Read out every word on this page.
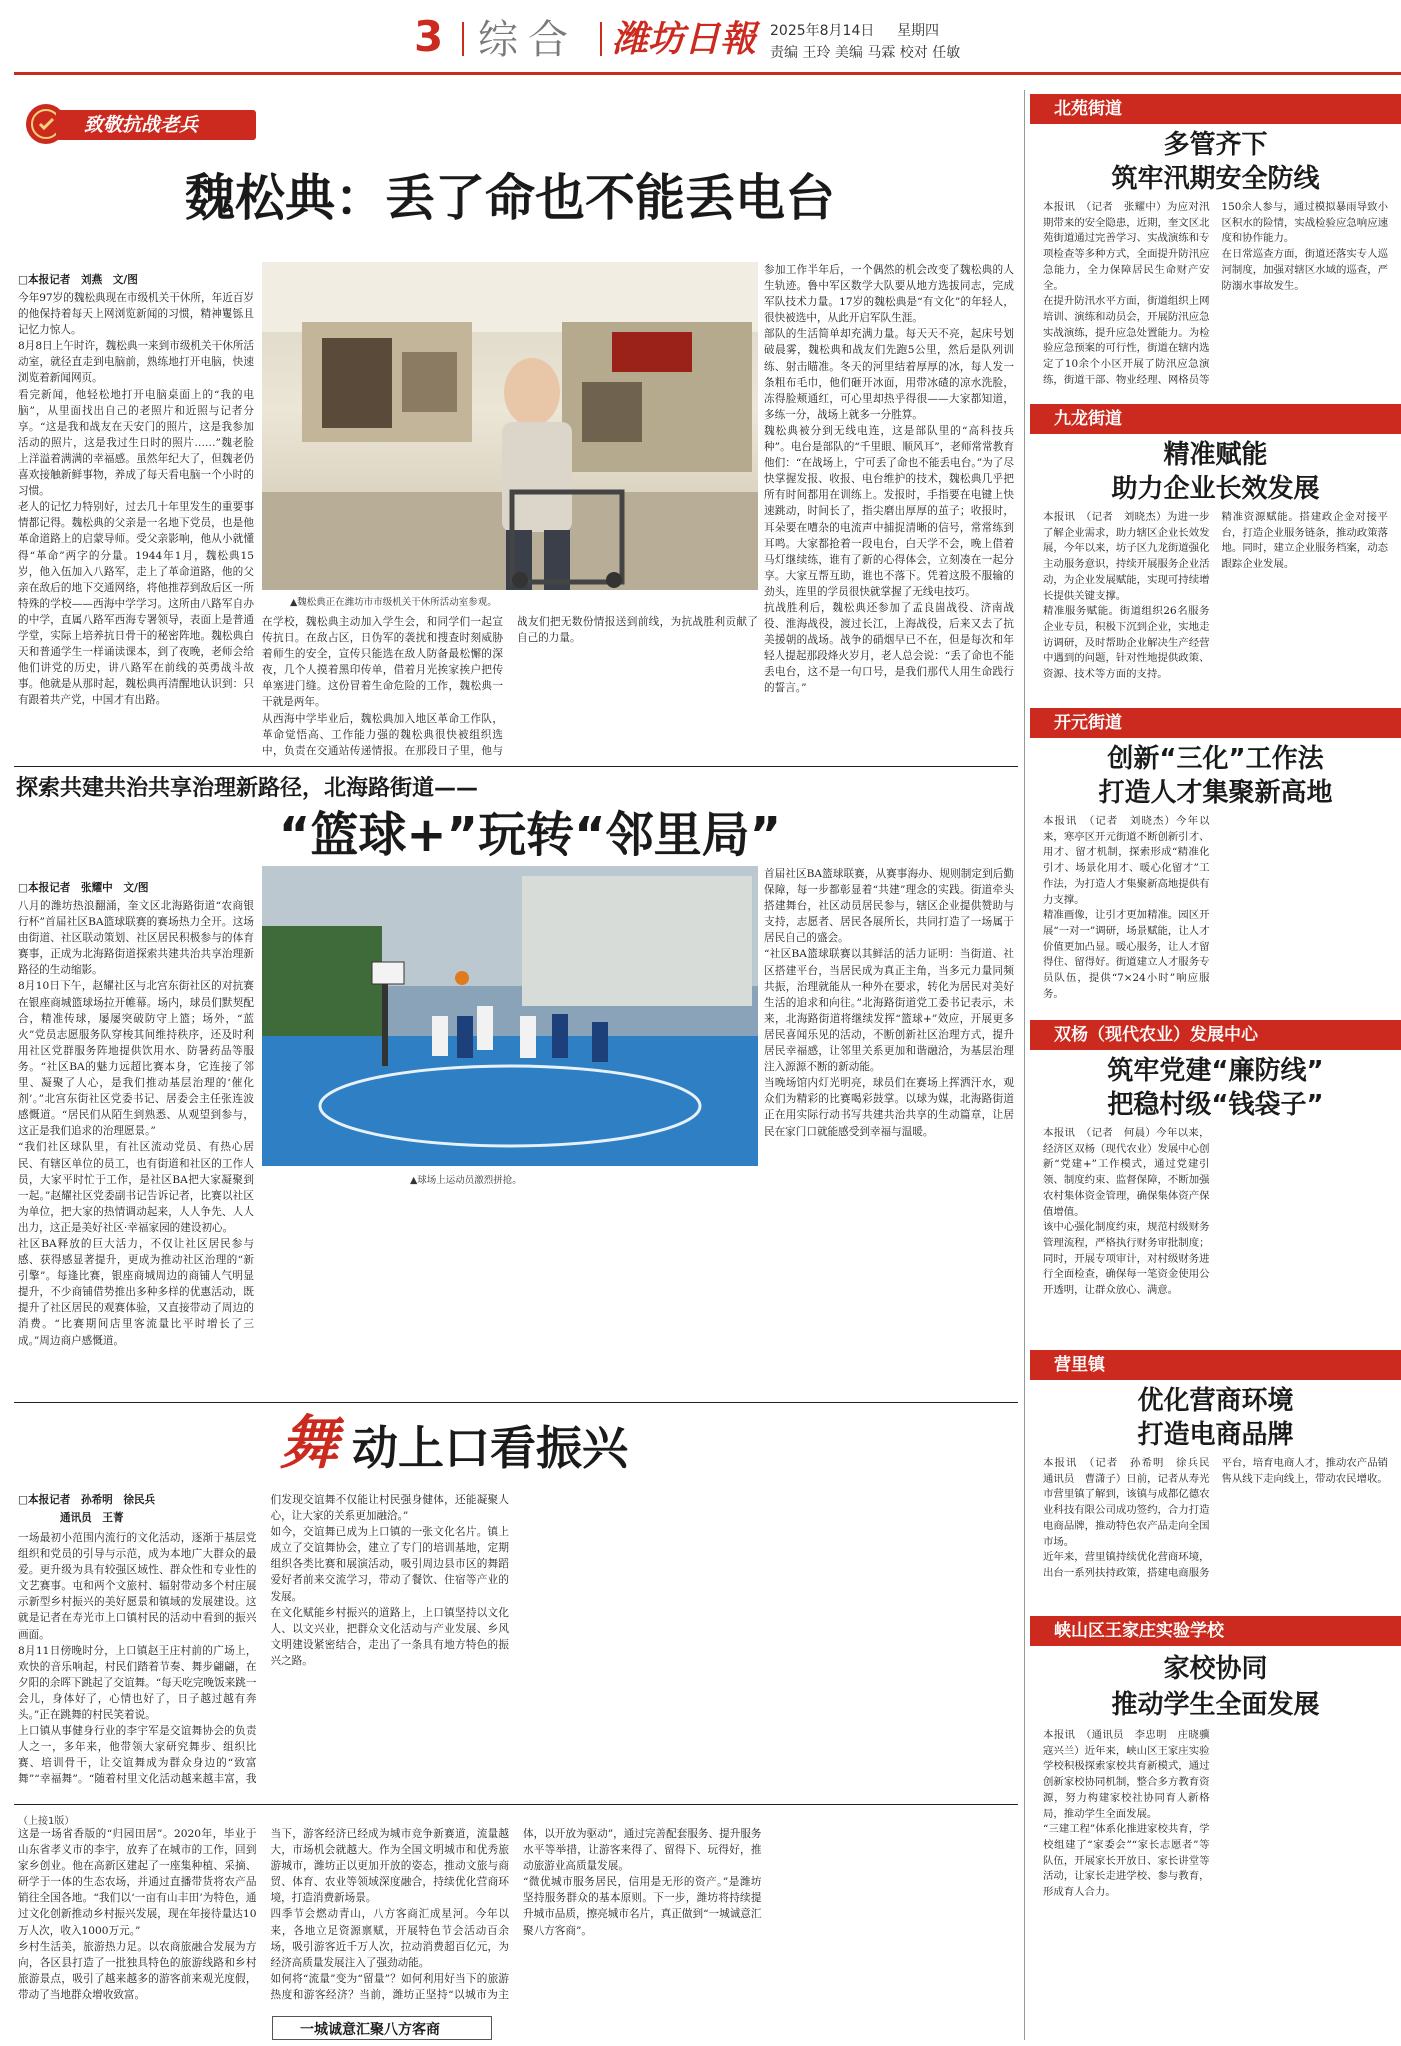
3 综合 潍坊日報 2025年8月14日 星期四
责编 王玲 美编 马霖 校对 任敏
致敬抗战老兵
魏松典：丢了命也不能丢电台
□本报记者　刘燕　文/图
▲魏松典正在潍坊市市级机关干休所活动室参观。

今年97岁的魏松典现在市级机关干休所，年近百岁的他保持着每天上网浏览新闻的习惯，精神矍铄且记忆力惊人。

8月8日上午时许，魏松典一来到市级机关干休所活动室，就径直走到电脑前，熟练地打开电脑，快速浏览着新闻网页。

看完新闻，他轻松地打开电脑桌面上的“我的电脑”，从里面找出自己的老照片和近照与记者分享。“这是我和战友在天安门的照片，这是我参加活动的照片，这是我过生日时的照片……”魏老脸上洋溢着满满的幸福感。虽然年纪大了，但魏老仍喜欢接触新鲜事物，养成了每天看电脑一个小时的习惯。

老人的记忆力特别好，过去几十年里发生的重要事情都记得。魏松典的父亲是一名地下党员，也是他革命道路上的启蒙导师。受父亲影响，他从小就懂得“革命”两字的分量。1944年1月，魏松典15岁，他入伍加入八路军，走上了革命道路，他的父亲在敌后的地下交通网络，将他推荐到敌后区一所特殊的学校——西海中学学习。这所由八路军自办的中学，直属八路军西海专署领导，表面上是普通学堂，实际上培养抗日骨干的秘密阵地。魏松典白天和普通学生一样诵读课本，到了夜晚，老师会给他们讲党的历史，讲八路军在前线的英勇战斗故事。他就是从那时起，魏松典再清醒地认识到：只有跟着共产党，中国才有出路。

在学校，魏松典主动加入学生会，和同学们一起宣传抗日。在敌占区，日伪军的袭扰和搜查时刻威胁着师生的安全，宣传只能选在敌人防备最松懈的深夜，几个人摸着黑印传单，借着月光挨家挨户把传单塞进门缝。这份冒着生命危险的工作，魏松典一干就是两年。

从西海中学毕业后，魏松典加入地区革命工作队，革命觉悟高、工作能力强的魏松典很快被组织选中，负责在交通站传递情报。在那段日子里，他与战友们把无数份情报送到前线，为抗战胜利贡献了自己的力量。

参加工作半年后，一个偶然的机会改变了魏松典的人生轨迹。鲁中军区数学大队要从地方选拔同志，完成军队技术力量。17岁的魏松典是“有文化”的年轻人，很快被选中，从此开启军队生涯。

部队的生活简单却充满力量。每天天不亮，起床号划破晨雾，魏松典和战友们先跑5公里，然后是队列训练、射击瞄准。冬天的河里结着厚厚的冰，每人发一条粗布毛巾，他们砸开冰面，用带冰碴的凉水洗脸，冻得脸颊通红，可心里却热乎得很——大家都知道，多练一分，战场上就多一分胜算。

魏松典被分到无线电连，这是部队里的“高科技兵种”。电台是部队的“千里眼、顺风耳”，老师常常教育他们：“在战场上，宁可丢了命也不能丢电台。”为了尽快掌握发报、收报、电台维护的技术，魏松典几乎把所有时间都用在训练上。发报时，手指要在电键上快速跳动，时间长了，指尖磨出厚厚的茧子；收报时，耳朵要在嘈杂的电流声中捕捉清晰的信号，常常练到耳鸣。大家都抢着一段电台，白天学不会，晚上借着马灯继续练，谁有了新的心得体会，立刻凑在一起分享。大家互帮互助，谁也不落下。凭着这股不服输的劲头，连里的学员很快就掌握了无线电技巧。

抗战胜利后，魏松典还参加了孟良崮战役、济南战役、淮海战役，渡过长江，上海战役，后来又去了抗美援朝的战场。战争的硝烟早已不在，但是每次和年轻人提起那段烽火岁月，老人总会说：“丢了命也不能丢电台，这不是一句口号，是我们那代人用生命践行的誓言。”

探索共建共治共享治理新路径，北海路街道——
“篮球+”玩转“邻里局”
□本报记者　张耀中　文/图
▲球场上运动员激烈拼抢。

八月的潍坊热浪翻涌，奎文区北海路街道“农商银行杯”首届社区BA篮球联赛的赛场热力全开。这场由街道、社区联动策划、社区居民积极参与的体育赛事，正成为北海路街道探索共建共治共享治理新路径的生动缩影。

8月10日下午，赵耀社区与北宫东街社区的对抗赛在银座商城篮球场拉开帷幕。场内，球员们默契配合，精准传球，屡屡突破防守上篮；场外，“蓝火”党员志愿服务队穿梭其间维持秩序，还及时利用社区党群服务阵地提供饮用水、防暑药品等服务。“社区BA的魅力远超比赛本身，它连接了邻里、凝聚了人心，是我们推动基层治理的‘催化剂’。”北宫东街社区党委书记、居委会主任张连波感慨道。“居民们从陌生到熟悉、从观望到参与，这正是我们追求的治理愿景。”

“我们社区球队里，有社区流动党员、有热心居民、有辖区单位的员工，也有街道和社区的工作人员，大家平时忙于工作，是社区BA把大家凝聚到一起。”赵耀社区党委副书记告诉记者，比赛以社区为单位，把大家的热情调动起来，人人争先、人人出力，这正是美好社区·幸福家园的建设初心。

社区BA释放的巨大活力，不仅让社区居民参与感、获得感显著提升，更成为推动社区治理的“新引擎”。每逢比赛，银座商城周边的商铺人气明显提升，不少商铺借势推出多种多样的优惠活动，既提升了社区居民的观赛体验，又直接带动了周边的消费。“比赛期间店里客流量比平时增长了三成。”周边商户感慨道。

首届社区BA篮球联赛，从赛事海办、规则制定到后勤保障，每一步都彰显着“共建”理念的实践。街道牵头搭建舞台，社区动员居民参与，辖区企业提供赞助与支持，志愿者、居民各展所长，共同打造了一场属于居民自己的盛会。

“社区BA篮球联赛以其鲜活的活力证明：当街道、社区搭建平台，当居民成为真正主角，当多元力量同频共振，治理就能从一种外在要求，转化为居民对美好生活的追求和向往。”北海路街道党工委书记表示，未来，北海路街道将继续发挥“篮球+”效应，开展更多居民喜闻乐见的活动，不断创新社区治理方式，提升居民幸福感，让邻里关系更加和谐融洽，为基层治理注入源源不断的新动能。

当晚场馆内灯光明亮，球员们在赛场上挥洒汗水，观众们为精彩的比赛喝彩鼓掌。以球为媒，北海路街道正在用实际行动书写共建共治共享的生动篇章，让居民在家门口就能感受到幸福与温暖。

舞 动上口看振兴
□本报记者　孙希明　徐民兵
通讯员　王菁

一场最初小范围内流行的文化活动，逐渐于基层党组织和党员的引导与示范，成为本地广大群众的最爱。更升级为具有较强区域性、群众性和专业性的文艺赛事。屯和两个文旅村、辐射带动多个村庄展示新型乡村振兴的美好愿景和镇域的发展建设。这就是记者在寿光市上口镇村民的活动中看到的振兴画面。

8月11日傍晚时分，上口镇赵王庄村前的广场上，欢快的音乐响起，村民们踏着节奏、舞步翩翩，在夕阳的余晖下跳起了交谊舞。“每天吃完晚饭来跳一会儿，身体好了，心情也好了，日子越过越有奔头。”正在跳舞的村民笑着说。

上口镇从事健身行业的李宇军是交谊舞协会的负责人之一，多年来，他带领大家研究舞步、组织比赛、培训骨干，让交谊舞成为群众身边的“致富舞”“幸福舞”。“随着村里文化活动越来越丰富，我们发现交谊舞不仅能让村民强身健体，还能凝聚人心，让大家的关系更加融洽。”

如今，交谊舞已成为上口镇的一张文化名片。镇上成立了交谊舞协会，建立了专门的培训基地，定期组织各类比赛和展演活动，吸引周边县市区的舞蹈爱好者前来交流学习，带动了餐饮、住宿等产业的发展。

在文化赋能乡村振兴的道路上，上口镇坚持以文化人、以文兴业，把群众文化活动与产业发展、乡风文明建设紧密结合，走出了一条具有地方特色的振兴之路。

（上接1版）

这是一场省香版的“归园田居”。2020年，毕业于山东省孝义市的李宇，放弃了在城市的工作，回到家乡创业。他在高新区建起了一座集种植、采摘、研学于一体的生态农场，并通过直播带货将农产品销往全国各地。“我们以‘一亩有山丰田’为特色，通过文化创新推动乡村振兴发展，现在年接待量达10万人次，收入1000万元。”

乡村生活美，旅游热力足。以农商旅融合发展为方向，各区县打造了一批独具特色的旅游线路和乡村旅游景点，吸引了越来越多的游客前来观光度假，带动了当地群众增收致富。

当下，游客经济已经成为城市竞争新赛道，流量越大，市场机会就越大。作为全国文明城市和优秀旅游城市，潍坊正以更加开放的姿态，推动文旅与商贸、体育、农业等领域深度融合，持续优化营商环境，打造消费新场景。

四季节会燃动青山，八方客商汇成星河。今年以来，各地立足资源禀赋，开展特色节会活动百余场，吸引游客近千万人次，拉动消费超百亿元，为经济高质量发展注入了强劲动能。

如何将“流量”变为“留量”？如何利用好当下的旅游热度和游客经济？当前，潍坊正坚持“以城市为主体，以开放为驱动”，通过完善配套服务、提升服务水平等举措，让游客来得了、留得下、玩得好，推动旅游业高质量发展。

“微优城市服务居民，信用是无形的资产。”是潍坊坚持服务群众的基本原则。下一步，潍坊将持续提升城市品质，擦亮城市名片，真正做到“一城诚意汇聚八方客商”。

一城诚意汇聚八方客商
北苑街道
多管齐下
筑牢汛期安全防线

本报讯　（记者　张耀中）为应对汛期带来的安全隐患，近期，奎文区北苑街道通过完善学习、实战演练和专项检查等多种方式，全面提升防汛应急能力，全力保障居民生命财产安全。

在提升防汛水平方面，街道组织上网培训、演练和动员会，开展防汛应急实战演练，提升应急处置能力。为检验应急预案的可行性，街道在辖内选定了10余个小区开展了防汛应急演练，街道干部、物业经理、网格员等150余人参与，通过模拟暴雨导致小区积水的险情，实战检验应急响应速度和协作能力。

在日常巡查方面，街道还落实专人巡河制度，加强对辖区水域的巡查，严防溺水事故发生。

九龙街道
精准赋能
助力企业长效发展

本报讯　（记者　刘晓杰）为进一步了解企业需求，助力辖区企业长效发展，今年以来，坊子区九龙街道强化主动服务意识，持续开展服务企业活动，为企业发展赋能，实现可持续增长提供关键支撑。

精准服务赋能。街道组织26名服务企业专员，积极下沉到企业，实地走访调研，及时帮助企业解决生产经营中遇到的问题，针对性地提供政策、资源、技术等方面的支持。

精准资源赋能。搭建政企金对接平台，打造企业服务链条，推动政策落地。同时，建立企业服务档案，动态跟踪企业发展。

开元街道
创新“三化”工作法
打造人才集聚新高地

本报讯　（记者　刘晓杰）今年以来，寒亭区开元街道不断创新引才、用才、留才机制，探索形成“精准化引才、场景化用才、暖心化留才”工作法，为打造人才集聚新高地提供有力支撑。

精准画像，让引才更加精准。园区开展“一对一”调研，场景赋能，让人才价值更加凸显。暖心服务，让人才留得住、留得好。街道建立人才服务专员队伍，提供“7×24小时”响应服务。

双杨（现代农业）发展中心
筑牢党建“廉防线”
把稳村级“钱袋子”

本报讯　（记者　何晨）今年以来，经济区双杨（现代农业）发展中心创新“党建+”工作模式，通过党建引领、制度约束、监督保障，不断加强农村集体资金管理，确保集体资产保值增值。

该中心强化制度约束，规范村级财务管理流程，严格执行财务审批制度；同时，开展专项审计，对村级财务进行全面检查，确保每一笔资金使用公开透明，让群众放心、满意。

营里镇
优化营商环境
打造电商品牌

本报讯　（记者　孙希明　徐兵民　通讯员　曹潇子）日前，记者从寿光市营里镇了解到，该镇与成都亿德农业科技有限公司成功签约，合力打造电商品牌，推动特色农产品走向全国市场。

近年来，营里镇持续优化营商环境，出台一系列扶持政策，搭建电商服务平台，培育电商人才，推动农产品销售从线下走向线上，带动农民增收。

峡山区王家庄实验学校
家校协同
推动学生全面发展

本报讯　（通讯员　李忠明　庄晓骥　寇兴兰）近年来，峡山区王家庄实验学校积极探索家校共育新模式，通过创新家校协同机制，整合多方教育资源，努力构建家校社协同育人新格局，推动学生全面发展。

“三建工程”体系化推进家校共育，学校组建了“家委会”“家长志愿者”等队伍，开展家长开放日、家长讲堂等活动，让家长走进学校、参与教育，形成育人合力。
